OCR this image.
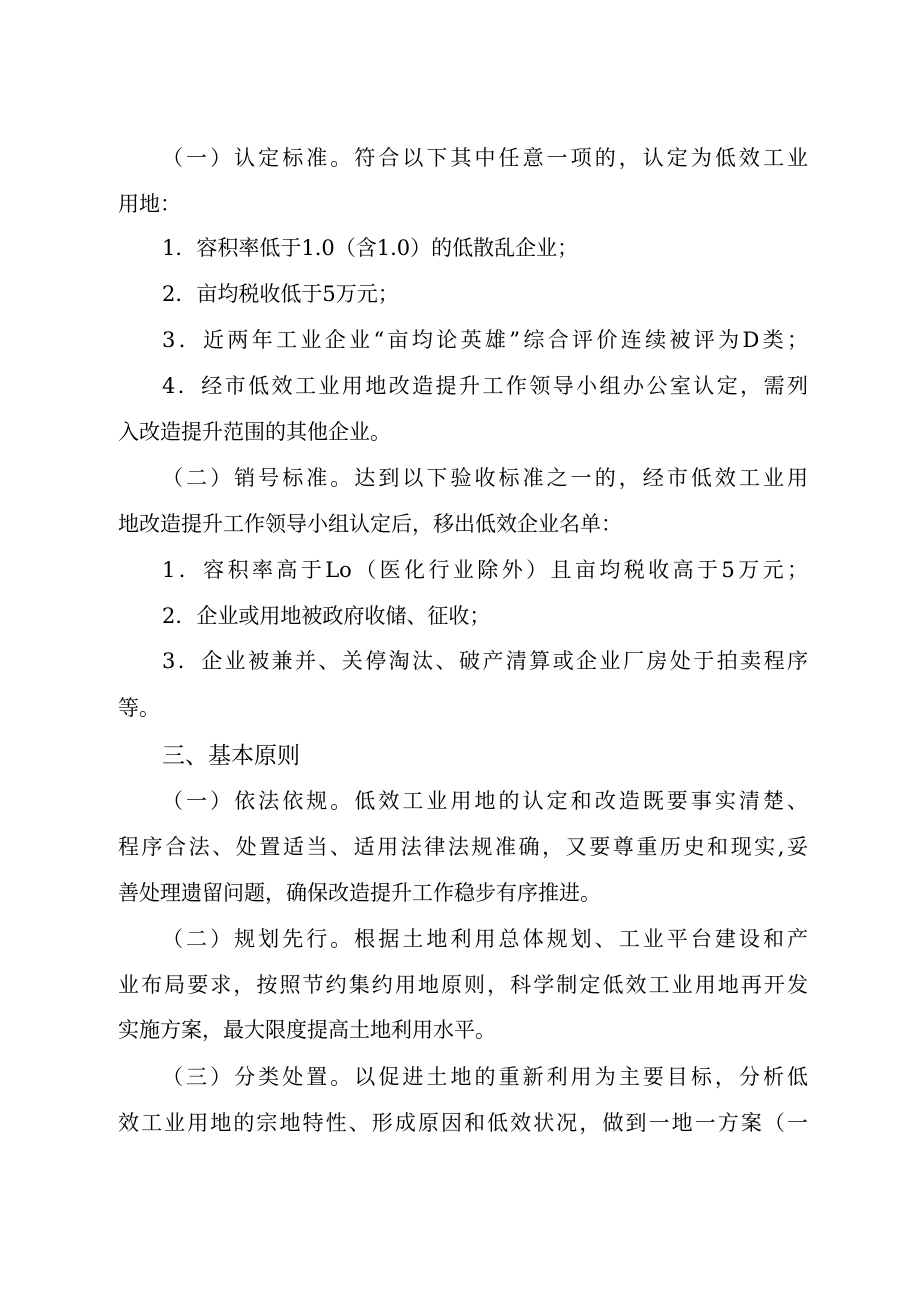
（一）认定标准。符合以下其中任意一项的，认定为低效工业
用地：
1．容积率低于1.0（含1.0）的低散乱企业；
2．亩均税收低于5万元；
3．近两年工业企业“亩均论英雄”综合评价连续被评为D类；
4．经市低效工业用地改造提升工作领导小组办公室认定，需列
入改造提升范围的其他企业。
（二）销号标准。达到以下验收标准之一的，经市低效工业用
地改造提升工作领导小组认定后，移出低效企业名单：
1．容积率高于Lo（医化行业除外）且亩均税收高于5万元；
2．企业或用地被政府收储、征收；
3．企业被兼并、关停淘汰、破产清算或企业厂房处于拍卖程序
等。
三、基本原则
（一）依法依规。低效工业用地的认定和改造既要事实清楚、
程序合法、处置适当、适用法律法规准确，又要尊重历史和现实,妥
善处理遗留问题，确保改造提升工作稳步有序推进。
（二）规划先行。根据土地利用总体规划、工业平台建设和产
业布局要求，按照节约集约用地原则，科学制定低效工业用地再开发
实施方案，最大限度提高土地利用水平。
（三）分类处置。以促进土地的重新利用为主要目标，分析低
效工业用地的宗地特性、形成原因和低效状况，做到一地一方案（一
